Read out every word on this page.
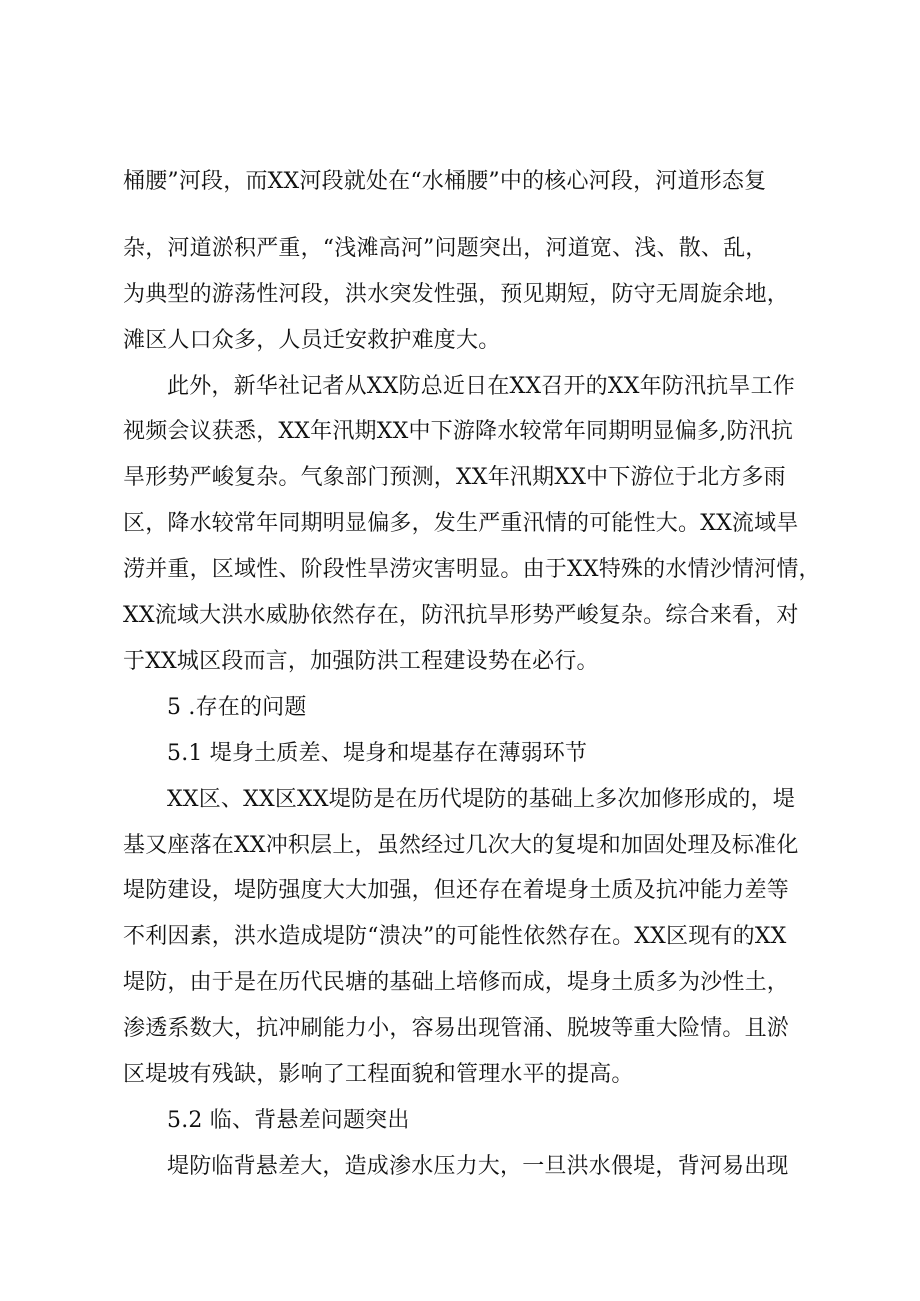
桶腰”河段，而XX河段就处在“水桶腰”中的核心河段，河道形态复
杂，河道淤积严重，“浅滩高河”问题突出，河道宽、浅、散、乱，
为典型的游荡性河段，洪水突发性强，预见期短，防守无周旋余地，
滩区人口众多，人员迁安救护难度大。
此外，新华社记者从XX防总近日在XX召开的XX年防汛抗旱工作
视频会议获悉，XX年汛期XX中下游降水较常年同期明显偏多,防汛抗
旱形势严峻复杂。气象部门预测，XX年汛期XX中下游位于北方多雨
区，降水较常年同期明显偏多，发生严重汛情的可能性大。XX流域旱
涝并重，区域性、阶段性旱涝灾害明显。由于XX特殊的水情沙情河情，
XX流域大洪水威胁依然存在，防汛抗旱形势严峻复杂。综合来看，对
于XX城区段而言，加强防洪工程建设势在必行。
5 .存在的问题
5.1 堤身土质差、堤身和堤基存在薄弱环节
XX区、XX区XX堤防是在历代堤防的基础上多次加修形成的，堤
基又座落在XX冲积层上，虽然经过几次大的复堤和加固处理及标准化
堤防建设，堤防强度大大加强，但还存在着堤身土质及抗冲能力差等
不利因素，洪水造成堤防“溃决”的可能性依然存在。XX区现有的XX
堤防，由于是在历代民塘的基础上培修而成，堤身土质多为沙性土，
渗透系数大，抗冲刷能力小，容易出现管涌、脱坡等重大险情。且淤
区堤坡有残缺，影响了工程面貌和管理水平的提高。
5.2 临、背悬差问题突出
堤防临背悬差大，造成渗水压力大，一旦洪水偎堤，背河易出现
